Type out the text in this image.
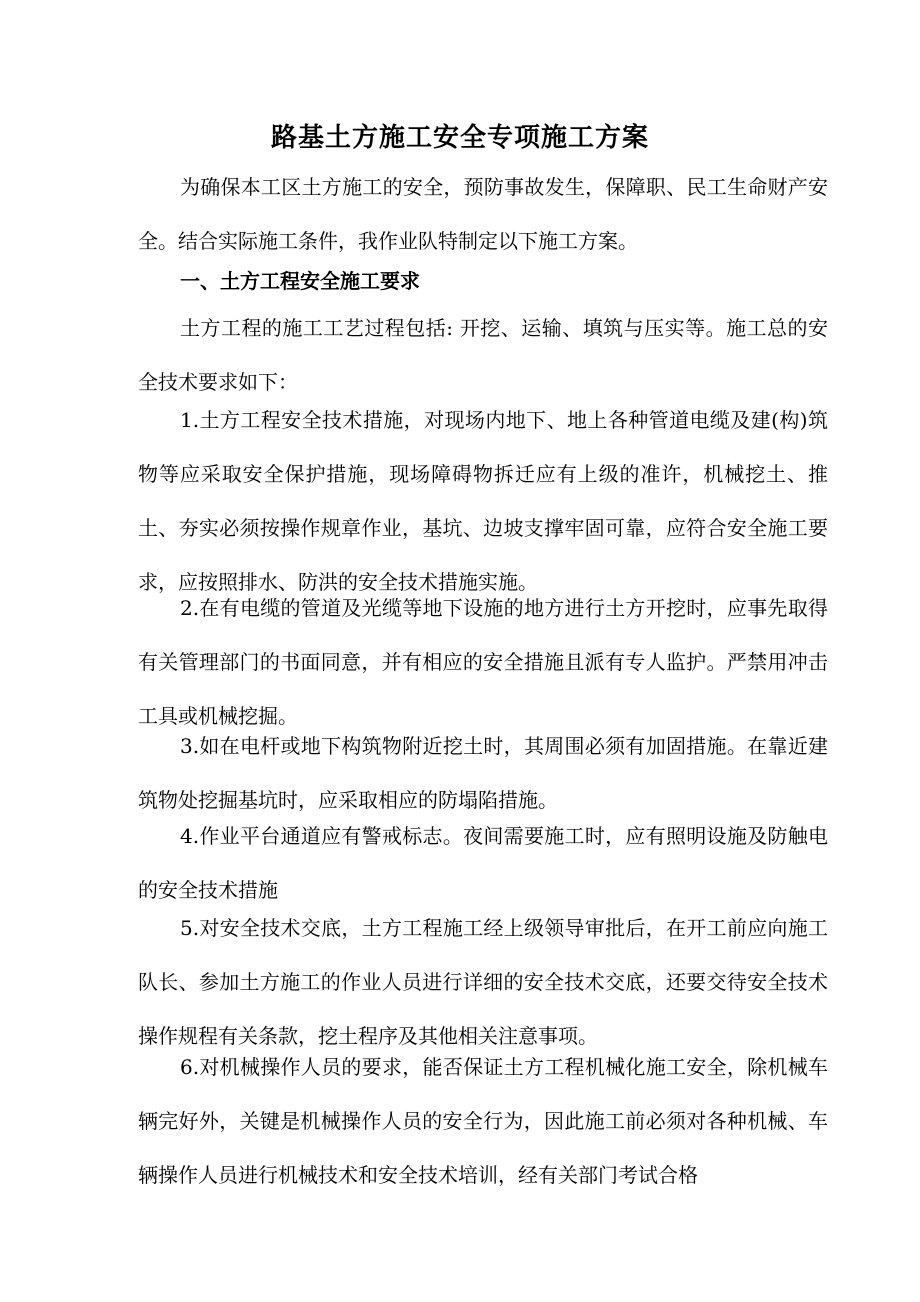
路基土方施工安全专项施工方案

为确保本工区土方施工的安全，预防事故发生，保障职、民工生命财产安全。结合实际施工条件，我作业队特制定以下施工方案。

一、土方工程安全施工要求

土方工程的施工工艺过程包括: 开挖、运输、填筑与压实等。施工总的安全技术要求如下：

1.土方工程安全技术措施，对现场内地下、地上各种管道电缆及建(构)筑物等应采取安全保护措施，现场障碍物拆迁应有上级的准许，机械挖土、推土、夯实必须按操作规章作业，基坑、边坡支撑牢固可靠，应符合安全施工要求，应按照排水、防洪的安全技术措施实施。

2.在有电缆的管道及光缆等地下设施的地方进行土方开挖时，应事先取得有关管理部门的书面同意，并有相应的安全措施且派有专人监护。严禁用冲击工具或机械挖掘。

3.如在电杆或地下构筑物附近挖土时，其周围必须有加固措施。在靠近建筑物处挖掘基坑时，应采取相应的防塌陷措施。

4.作业平台通道应有警戒标志。夜间需要施工时，应有照明设施及防触电的安全技术措施

5.对安全技术交底，土方工程施工经上级领导审批后，在开工前应向施工队长、参加土方施工的作业人员进行详细的安全技术交底，还要交待安全技术操作规程有关条款，挖土程序及其他相关注意事项。

6.对机械操作人员的要求，能否保证土方工程机械化施工安全，除机械车辆完好外，关键是机械操作人员的安全行为，因此施工前必须对各种机械、车辆操作人员进行机械技术和安全技术培训，经有关部门考试合格
